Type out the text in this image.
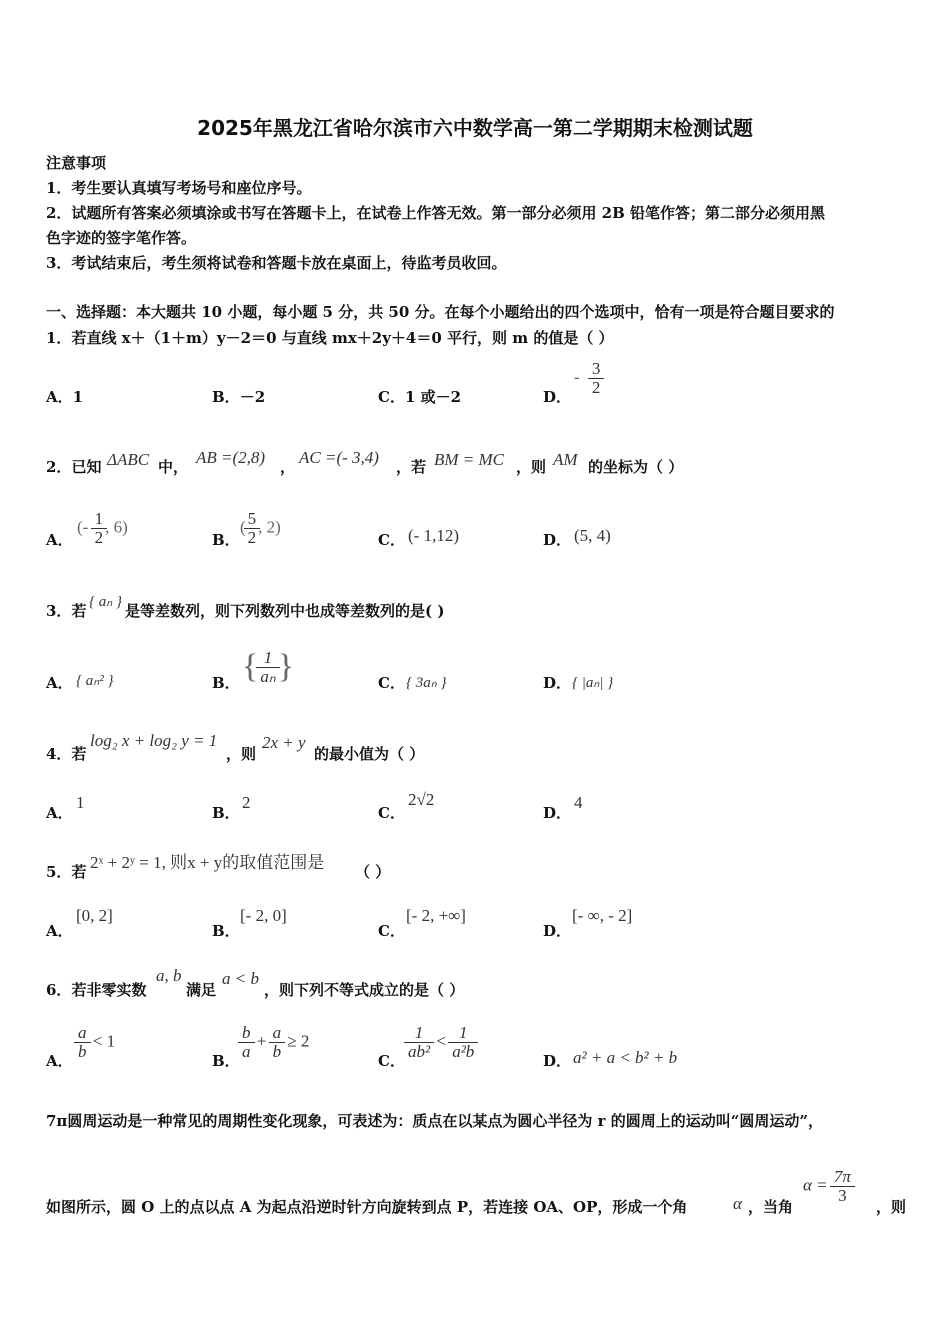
2025年黑龙江省哈尔滨市六中数学高一第二学期期末检测试题
注意事项
1．考生要认真填写考场号和座位序号。
2．试题所有答案必须填涂或书写在答题卡上，在试卷上作答无效。第一部分必须用 2B 铅笔作答；第二部分必须用黑
色字迹的签字笔作答。
3．考试结束后，考生须将试卷和答题卡放在桌面上，待监考员收回。
一、选择题：本大题共 10 小题，每小题 5 分，共 50 分。在每个小题给出的四个选项中，恰有一项是符合题目要求的
1．若直线 x＋（1＋m）y－2＝0 与直线 mx＋2y＋4＝0 平行，则 m 的值是（ ）
A．1	B．－2	C．1 或－2	D．
- $\frac{3}{2}$
2．已知 ΔABC 中， AB =(2,8) ， AC =(- 3,4) ，若 BM = MC ，则 AM 的坐标为（ ）
A．
(- $\frac{1}{2}$ , 6)
B．
( $\frac{5}{2}$ , 2)
C． (- 1,12)	D． (5, 4)
3．若 { aₙ } 是等差数列，则下列数列中也成等差数列的是( )
A． { aₙ² }	B． { $\frac{1}{\text{aₙ}}$ }	C． { 3aₙ }	D． { |aₙ| }
4．若
log₂ x + log₂ y = 1
，则
2x + y
的最小值为（ ）
A．
1
B．
2
C．
2√2
D．
4
5．若 2ˣ + 2ʸ = 1, 则x + y的取值范围是 （ ）
A．
[0, 2]
B．
[- 2, 0]
C．
[- 2, +∞]
D．
[- ∞, - 2]
6．若非零实数
a, b
满足
a < b
，则下列不等式成立的是（ ）
A．
$\frac{a}{b} < 1$
B．
$\frac{b}{a} + \frac{a}{b} \ge 2$
C．
$\frac{1}{\text{ab²}} < \frac{1}{\text{a²b}}$
D． a² + a < b² + b
7π圆周运动是一种常见的周期性变化现象，可表述为：质点在以某点为圆心半径为 r 的圆周上的运动叫“圆周运动”，
如图所示，圆 O 上的点以点 A 为起点沿逆时针方向旋转到点 P，若连接 OA、OP，形成一个角	α ，当角
$\alpha = \frac{7\pi}{3}$
，则
